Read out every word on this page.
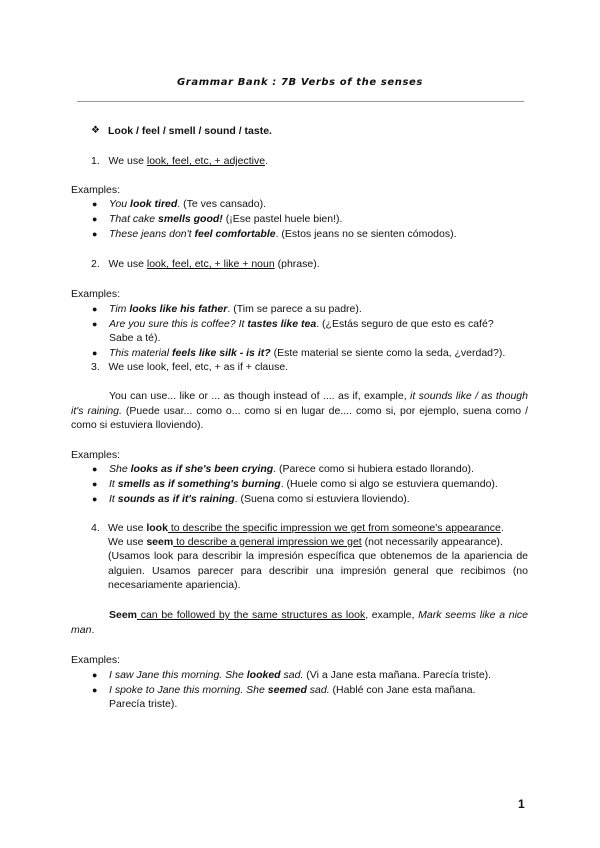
Grammar Bank : 7B Verbs of the senses
❖ Look / feel / smell / sound / taste.
1. We use look, feel, etc, + adjective.
Examples:
● You look tired. (Te ves cansado).
● That cake smells good! (¡Ese pastel huele bien!).
● These jeans don't feel comfortable. (Estos jeans no se sienten cómodos).
2. We use look, feel, etc, + like + noun (phrase).
Examples:
● Tim looks like his father. (Tim se parece a su padre).
● Are you sure this is coffee? It tastes like tea. (¿Estás seguro de que esto es café?
Sabe a té).
● This material feels like silk - is it? (Este material se siente como la seda, ¿verdad?).
3. We use look, feel, etc, + as if + clause.
You can use... like or ... as though instead of .... as if, example, it sounds like / as though it's raining. (Puede usar... como o... como si en lugar de.... como si, por ejemplo, suena como / como si estuviera lloviendo).
Examples:
● She looks as if she's been crying. (Parece como si hubiera estado llorando).
● It smells as if something's burning. (Huele como si algo se estuviera quemando).
● It sounds as if it's raining. (Suena como si estuviera lloviendo).
4. We use look to describe the specific impression we get from someone's appearance.
We use seem to describe a general impression we get (not necessarily appearance).
(Usamos look para describir la impresión específica que obtenemos de la apariencia de alguien. Usamos parecer para describir una impresión general que recibimos (no necesariamente apariencia).
Seem can be followed by the same structures as look, example, Mark seems like a nice man.
Examples:
● I saw Jane this morning. She looked sad. (Vi a Jane esta mañana. Parecía triste).
● I spoke to Jane this morning. She seemed sad. (Hablé con Jane esta mañana.
Parecía triste).
1
